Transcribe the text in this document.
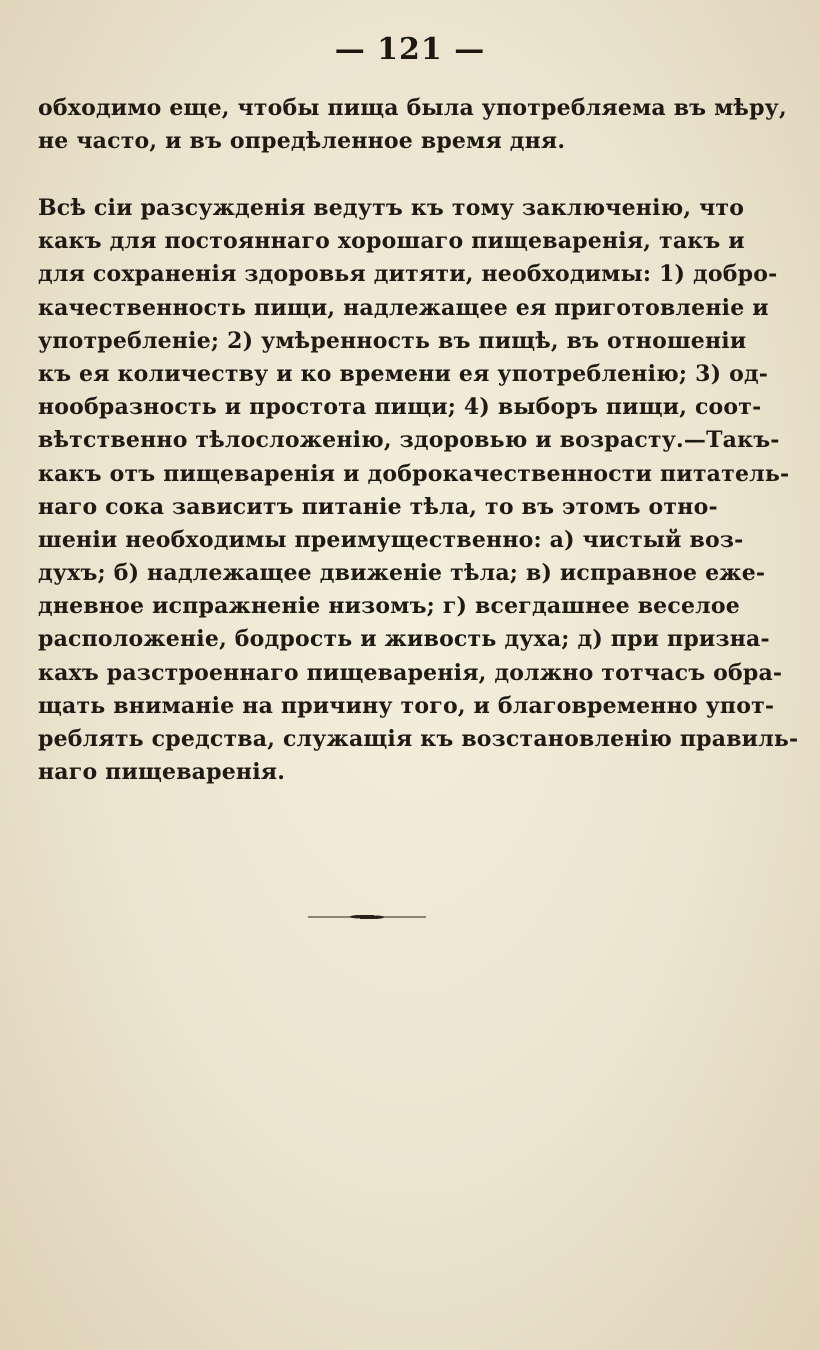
— 121 —
обходимо еще, чтобы пища была употребляема въ мѣру,
не часто, и въ опредѣленное время дня.
Всѣ сіи разсужденія ведутъ къ тому заключенію, что
какъ для постояннаго хорошаго пищеваренія, такъ и
для сохраненія здоровья дитяти, необходимы: 1) добро-
качественность пищи, надлежащее ея приготовленіе и
употребленіе; 2) умѣренность въ пищѣ, въ отношеніи
къ ея количеству и ко времени ея употребленію; 3) од-
нообразность и простота пищи; 4) выборъ пищи, соот-
вѣтственно тѣлосложенію, здоровью и возрасту.—Такъ-
какъ отъ пищеваренія и доброкачественности питатель-
наго сока зависитъ питаніе тѣла, то въ этомъ отно-
шеніи необходимы преимущественно: а) чистый воз-
духъ; б) надлежащее движеніе тѣла; в) исправное еже-
дневное испражненіе низомъ; г) всегдашнее веселое
расположеніе, бодрость и живость духа; д) при призна-
кахъ разстроеннаго пищеваренія, должно тотчасъ обра-
щать вниманіе на причину того, и благовременно упот-
реблять средства, служащія къ возстановленію правиль-
наго пищеваренія.
